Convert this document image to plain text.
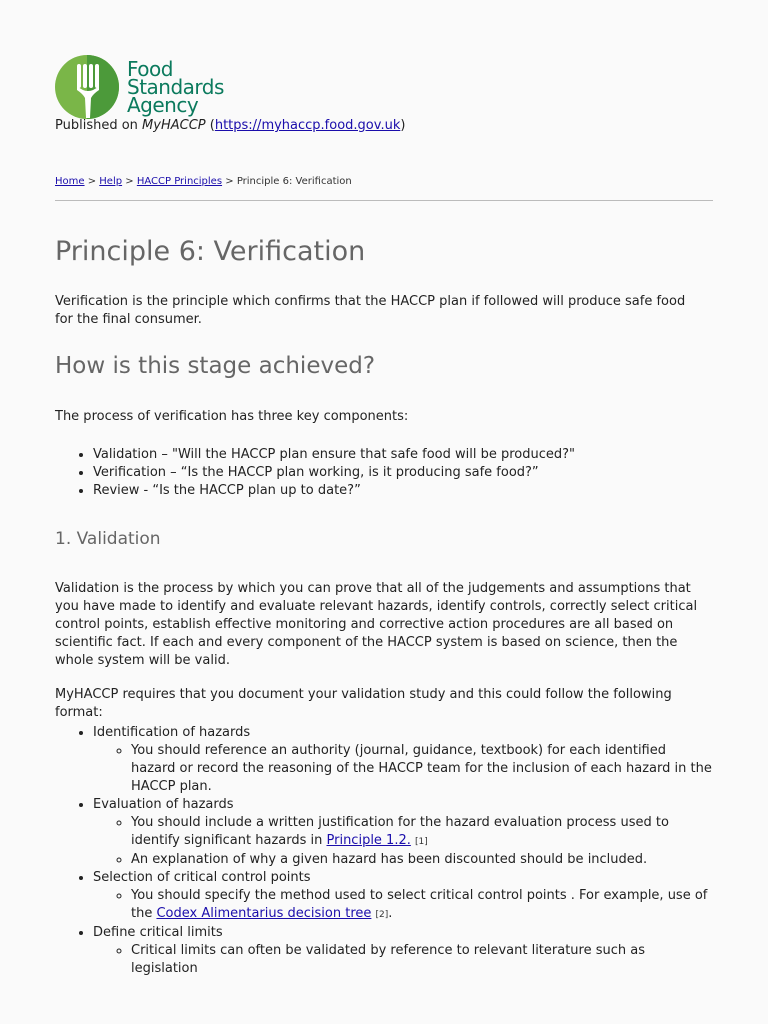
Food
Standards
Agency
Published on MyHACCP (https://myhaccp.food.gov.uk)
Home > Help > HACCP Principles > Principle 6: Verification
Principle 6: Verification

Verification is the principle which confirms that the HACCP plan if followed will produce safe food for the final consumer.

How is this stage achieved?

The process of verification has three key components:

• Validation – "Will the HACCP plan ensure that safe food will be produced?"
• Verification – “Is the HACCP plan working, is it producing safe food?”
• Review - “Is the HACCP plan up to date?”
1. Validation

Validation is the process by which you can prove that all of the judgements and assumptions that you have made to identify and evaluate relevant hazards, identify controls, correctly select critical control points, establish effective monitoring and corrective action procedures are all based on scientific fact. If each and every component of the HACCP system is based on science, then the whole system will be valid.

MyHACCP requires that you document your validation study and this could follow the following format:

• Identification of hazards
◦ You should reference an authority (journal, guidance, textbook) for each identified hazard or record the reasoning of the HACCP team for the inclusion of each hazard in the HACCP plan.
• Evaluation of hazards
◦ You should include a written justification for the hazard evaluation process used to identify significant hazards in Principle 1.2. [1]
◦ An explanation of why a given hazard has been discounted should be included.
• Selection of critical control points
◦ You should specify the method used to select critical control points . For example, use of the Codex Alimentarius decision tree [2].
• Define critical limits
◦ Critical limits can often be validated by reference to relevant literature such as legislation
